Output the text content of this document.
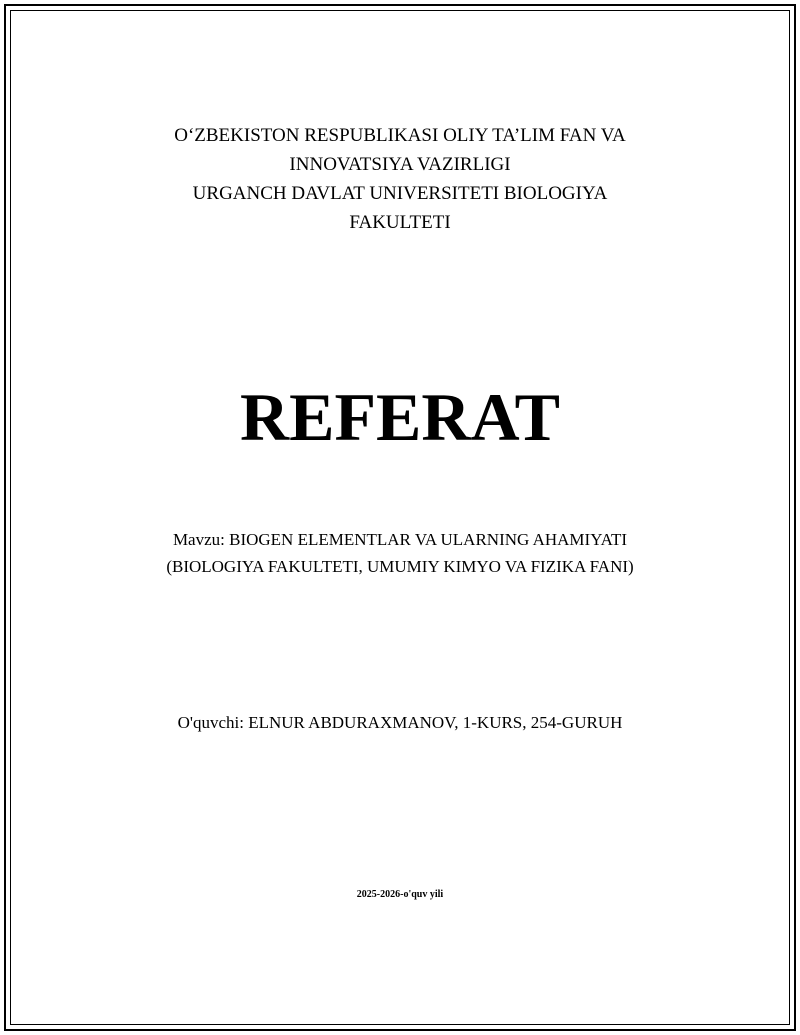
O‘ZBEKISTON RESPUBLIKASI OLIY TA’LIM FAN VA
INNOVATSIYA VAZIRLIGI
URGANCH DAVLAT UNIVERSITETI BIOLOGIYA
FAKULTETI
REFERAT
Mavzu: BIOGEN ELEMENTLAR VA ULARNING AHAMIYATI
(BIOLOGIYA FAKULTETI, UMUMIY KIMYO VA FIZIKA FANI)
O'quvchi: ELNUR ABDURAXMANOV, 1-KURS, 254-GURUH
2025-2026-o'quv yili
